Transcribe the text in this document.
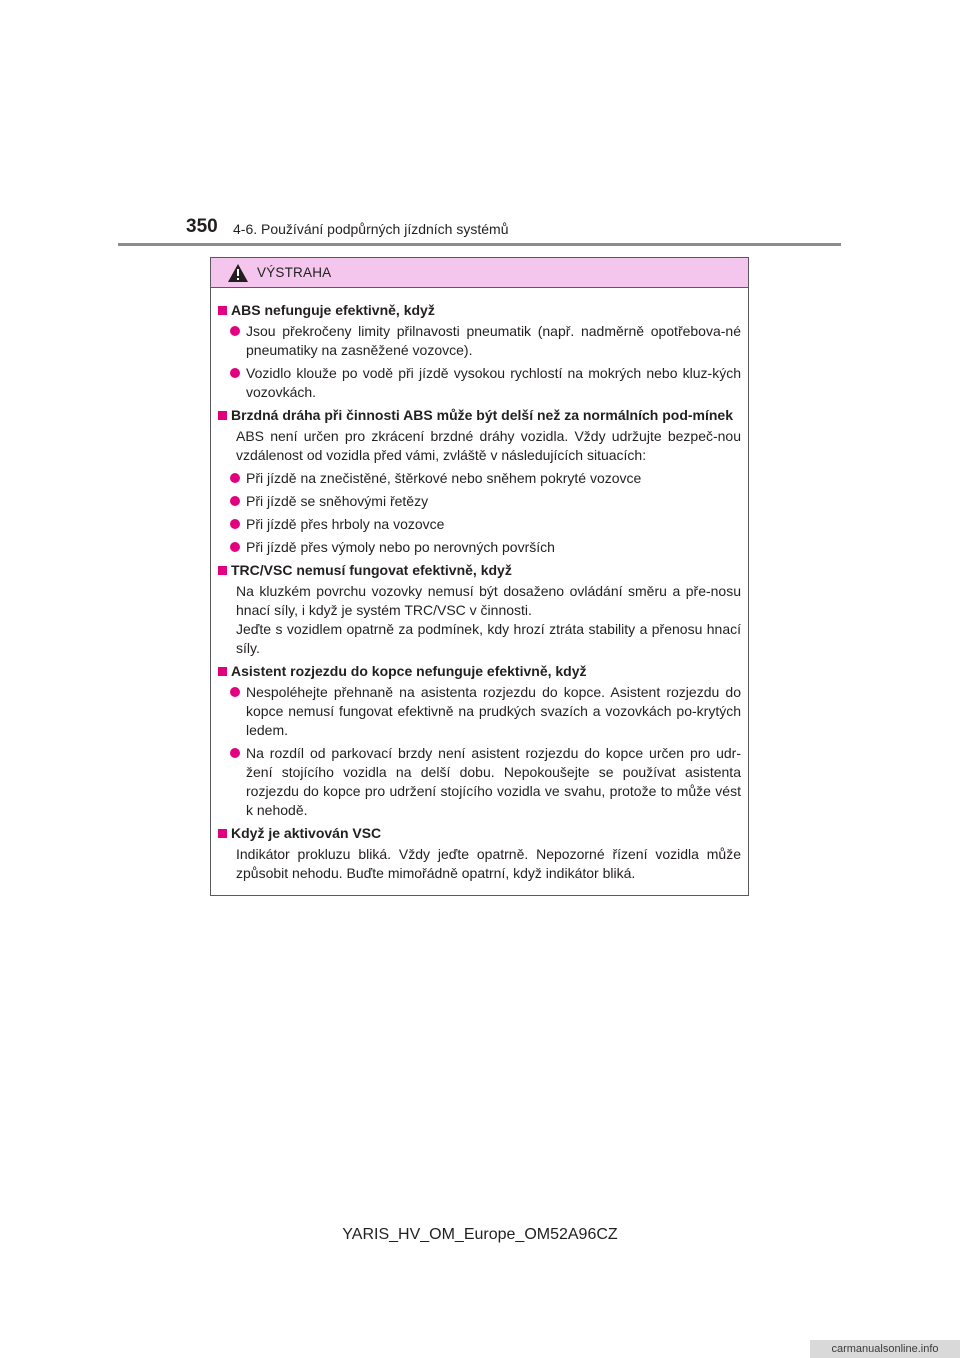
350 4-6. Používání podpůrných jízdních systémů
VÝSTRAHA
ABS nefunguje efektivně, když
Jsou překročeny limity přilnavosti pneumatik (např. nadměrně opotřebova-né pneumatiky na zasněžené vozovce).
Vozidlo klouže po vodě při jízdě vysokou rychlostí na mokrých nebo kluz-kých vozovkách.
Brzdná dráha při činnosti ABS může být delší než za normálních pod-mínek
ABS není určen pro zkrácení brzdné dráhy vozidla. Vždy udržujte bezpeč-nou vzdálenost od vozidla před vámi, zvláště v následujících situacích:
Při jízdě na znečistěné, štěrkové nebo sněhem pokryté vozovce
Při jízdě se sněhovými řetězy
Při jízdě přes hrboly na vozovce
Při jízdě přes výmoly nebo po nerovných površích
TRC/VSC nemusí fungovat efektivně, když
Na kluzkém povrchu vozovky nemusí být dosaženo ovládání směru a pře-nosu hnací síly, i když je systém TRC/VSC v činnosti.
Jeďte s vozidlem opatrně za podmínek, kdy hrozí ztráta stability a přenosu hnací síly.
Asistent rozjezdu do kopce nefunguje efektivně, když
Nespoléhejte přehnaně na asistenta rozjezdu do kopce. Asistent rozjezdu do kopce nemusí fungovat efektivně na prudkých svazích a vozovkách po-krytých ledem.
Na rozdíl od parkovací brzdy není asistent rozjezdu do kopce určen pro udr-žení stojícího vozidla na delší dobu. Nepokoušejte se používat asistenta rozjezdu do kopce pro udržení stojícího vozidla ve svahu, protože to může vést k nehodě.
Když je aktivován VSC
Indikátor prokluzu bliká. Vždy jeďte opatrně. Nepozorné řízení vozidla může způsobit nehodu. Buďte mimořádně opatrní, když indikátor bliká.
YARIS_HV_OM_Europe_OM52A96CZ
carmanualsonline.info
